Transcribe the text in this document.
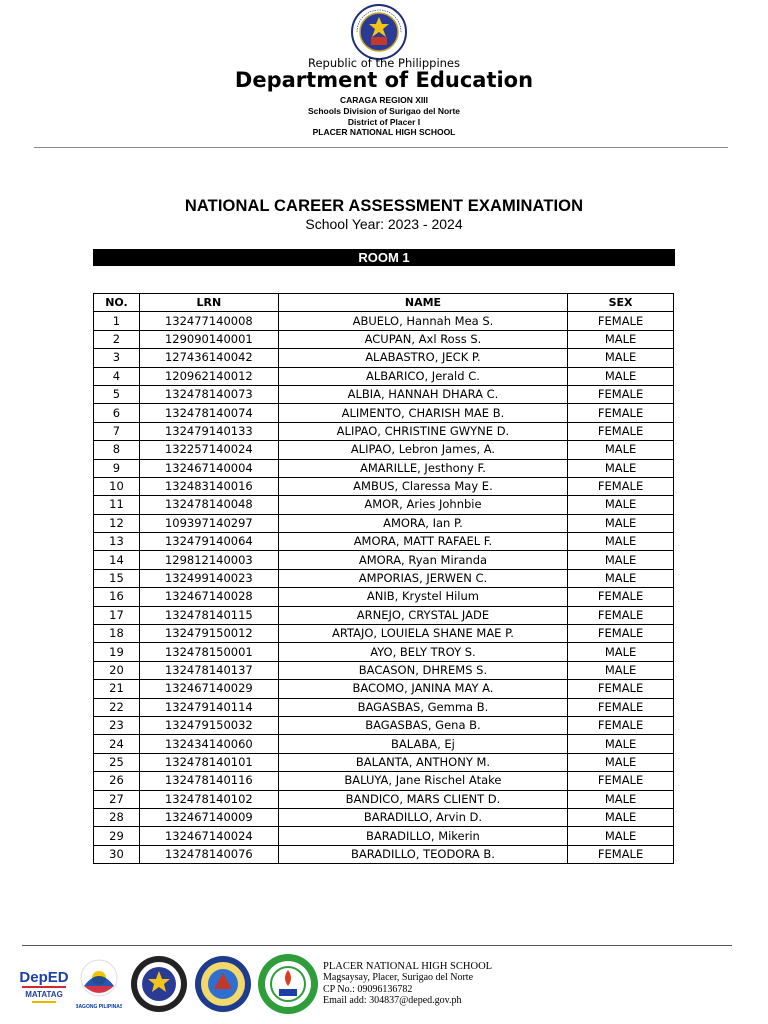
Republic of the Philippines
Department of Education
CARAGA REGION XIII
Schools Division of Surigao del Norte
District of Placer I
PLACER NATIONAL HIGH SCHOOL
NATIONAL CAREER ASSESSMENT EXAMINATION
School Year: 2023 - 2024
ROOM 1
NO.	LRN	NAME	SEX
1	132477140008	ABUELO, Hannah Mea S.	FEMALE
2	129090140001	ACUPAN, Axl Ross S.	MALE
3	127436140042	ALABASTRO, JECK P.	MALE
4	120962140012	ALBARICO, Jerald C.	MALE
5	132478140073	ALBIA, HANNAH DHARA C.	FEMALE
6	132478140074	ALIMENTO, CHARISH MAE B.	FEMALE
7	132479140133	ALIPAO, CHRISTINE GWYNE D.	FEMALE
8	132257140024	ALIPAO, Lebron James, A.	MALE
9	132467140004	AMARILLE, Jesthony F.	MALE
10	132483140016	AMBUS, Claressa May E.	FEMALE
11	132478140048	AMOR, Aries Johnbie	MALE
12	109397140297	AMORA, Ian P.	MALE
13	132479140064	AMORA, MATT RAFAEL F.	MALE
14	129812140003	AMORA, Ryan Miranda	MALE
15	132499140023	AMPORIAS, JERWEN C.	MALE
16	132467140028	ANIB, Krystel Hilum	FEMALE
17	132478140115	ARNEJO, CRYSTAL JADE	FEMALE
18	132479150012	ARTAJO, LOUIELA SHANE MAE P.	FEMALE
19	132478150001	AYO, BELY TROY S.	MALE
20	132478140137	BACASON, DHREMS S.	MALE
21	132467140029	BACOMO, JANINA MAY A.	FEMALE
22	132479140114	BAGASBAS, Gemma B.	FEMALE
23	132479150032	BAGASBAS, Gena B.	FEMALE
24	132434140060	BALABA, Ej	MALE
25	132478140101	BALANTA, ANTHONY M.	MALE
26	132478140116	BALUYA, Jane Rischel Atake	FEMALE
27	132478140102	BANDICO, MARS CLIENT D.	MALE
28	132467140009	BARADILLO, Arvin D.	MALE
29	132467140024	BARADILLO, Mikerin	MALE
30	132478140076	BARADILLO, TEODORA B.	FEMALE
DepED
MATATAG
BAGONG PILIPINAS
PLACER NATIONAL HIGH SCHOOL
Magsaysay, Placer, Surigao del Norte
CP No.: 09096136782
Email add: 304837@deped.gov.ph
